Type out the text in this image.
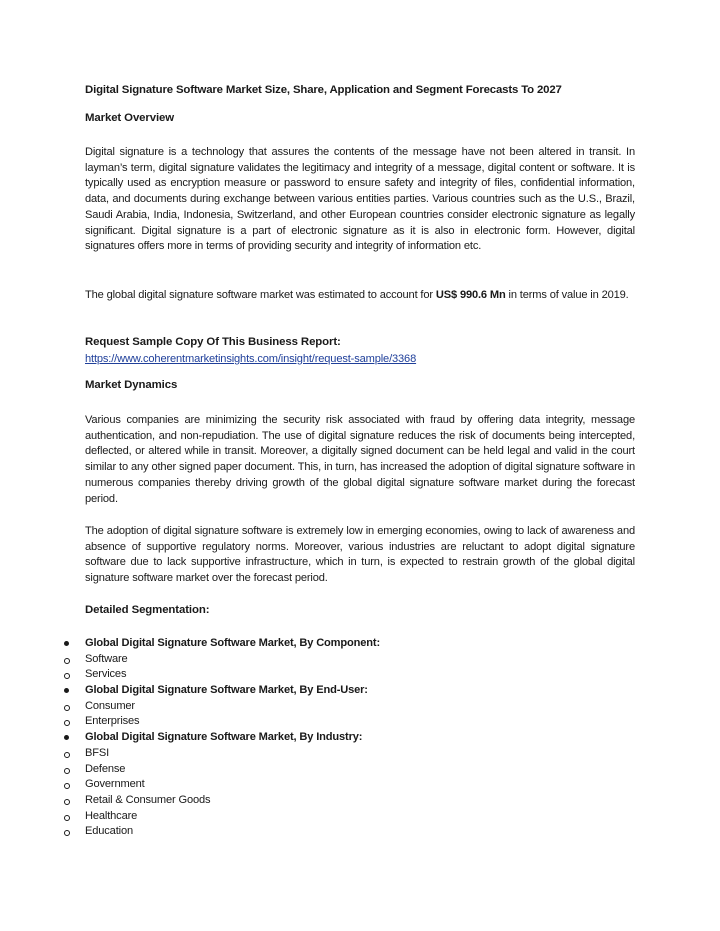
Digital Signature Software Market Size, Share, Application and Segment Forecasts To 2027
Market Overview

Digital signature is a technology that assures the contents of the message have not been altered in transit. In layman’s term, digital signature validates the legitimacy and integrity of a message, digital content or software. It is typically used as encryption measure or password to ensure safety and integrity of files, confidential information, data, and documents during exchange between various entities parties. Various countries such as the U.S., Brazil, Saudi Arabia, India, Indonesia, Switzerland, and other European countries consider electronic signature as legally significant. Digital signature is a part of electronic signature as it is also in electronic form. However, digital signatures offers more in terms of providing security and integrity of information etc.

The global digital signature software market was estimated to account for US$ 990.6 Mn in terms of value in 2019.

Request Sample Copy Of This Business Report:
https://www.coherentmarketinsights.com/insight/request-sample/3368
Market Dynamics

Various companies are minimizing the security risk associated with fraud by offering data integrity, message authentication, and non-repudiation. The use of digital signature reduces the risk of documents being intercepted, deflected, or altered while in transit. Moreover, a digitally signed document can be held legal and valid in the court similar to any other signed paper document. This, in turn, has increased the adoption of digital signature software in numerous companies thereby driving growth of the global digital signature software market during the forecast period.

The adoption of digital signature software is extremely low in emerging economies, owing to lack of awareness and absence of supportive regulatory norms. Moreover, various industries are reluctant to adopt digital signature software due to lack supportive infrastructure, which in turn, is expected to restrain growth of the global digital signature software market over the forecast period.

Detailed Segmentation:
Global Digital Signature Software Market, By Component:
Software
Services
Global Digital Signature Software Market, By End-User:
Consumer
Enterprises
Global Digital Signature Software Market, By Industry:
BFSI
Defense
Government
Retail & Consumer Goods
Healthcare
Education
